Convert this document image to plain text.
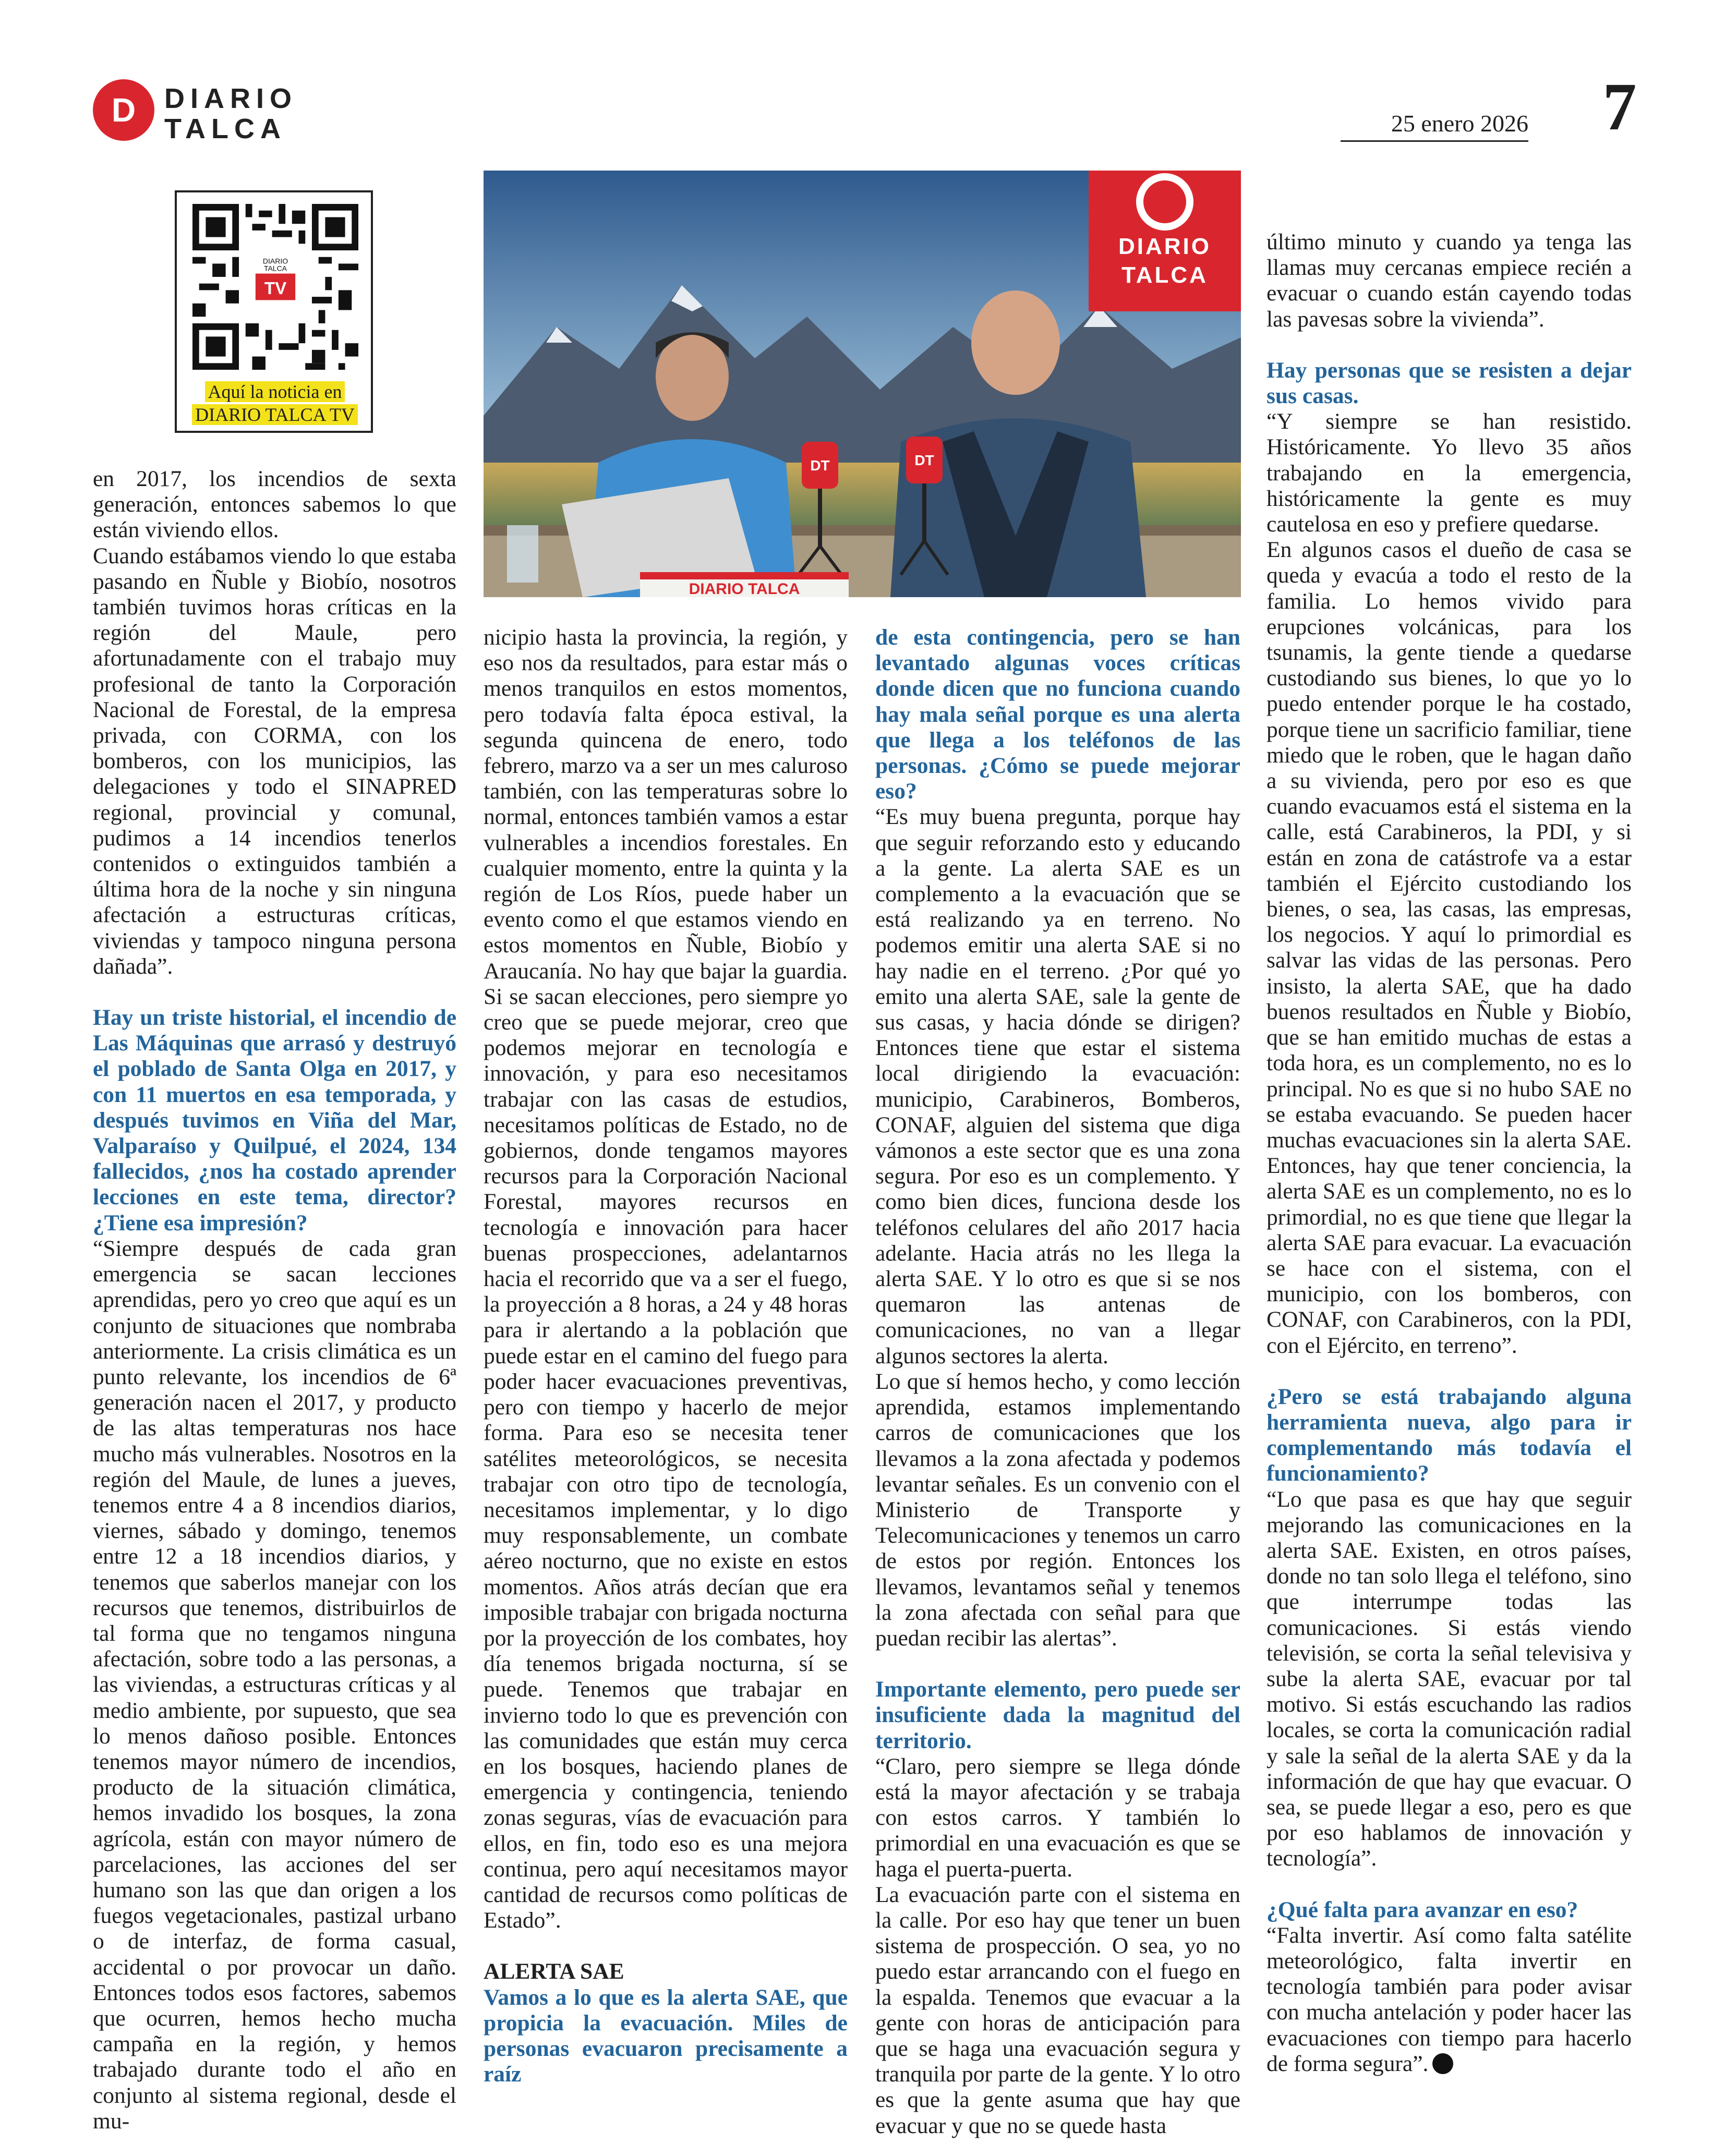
D	DIARIO
TALCA	25 enero 2026 7
TV
DIARIO
TALCA
Aquí la noticia en
DIARIO TALCA TV
DIARIO
TALCA
DT	DT
DIARIO TALCA

en 2017, los incendios de sexta generación, entonces sabemos lo que están viviendo ellos.

Cuando estábamos viendo lo que estaba pasando en Ñuble y Biobío, nosotros también tuvimos horas críticas en la región del Maule, pero afortunadamente con el trabajo muy profesional de tanto la Corporación Nacional de Forestal, de la empresa privada, con CORMA, con los bomberos, con los municipios, las delegaciones y todo el SINAPRED regional, provincial y comunal, pudimos a 14 incendios tenerlos contenidos o extinguidos también a última hora de la noche y sin ninguna afectación a estructuras críticas, viviendas y tampoco ninguna persona dañada”.

Hay un triste historial, el incendio de Las Máquinas que arrasó y destruyó el poblado de Santa Olga en 2017, y con 11 muertos en esa temporada, y después tuvimos en Viña del Mar, Valparaíso y Quilpué, el 2024, 134 fallecidos, ¿nos ha costado aprender lecciones en este tema, director? ¿Tiene esa impresión?

“Siempre después de cada gran emergencia se sacan lecciones aprendidas, pero yo creo que aquí es un conjunto de situaciones que nombraba anteriormente. La crisis climática es un punto relevante, los incendios de 6ª generación nacen el 2017, y producto de las altas temperaturas nos hace mucho más vulnerables. Nosotros en la región del Maule, de lunes a jueves, tenemos entre 4 a 8 incendios diarios, viernes, sábado y domingo, tenemos entre 12 a 18 incendios diarios, y tenemos que saberlos manejar con los recursos que tenemos, distribuirlos de tal forma que no tengamos ninguna afectación, sobre todo a las personas, a las viviendas, a estructuras críticas y al medio ambiente, por supuesto, que sea lo menos dañoso posible. Entonces tenemos mayor número de incendios, producto de la situación climática, hemos invadido los bosques, la zona agrícola, están con mayor número de parcelaciones, las acciones del ser humano son las que dan origen a los fuegos vegetacionales, pastizal urbano o de interfaz, de forma casual, accidental o por provocar un daño. Entonces todos esos factores, sabemos que ocurren, hemos hecho mucha campaña en la región, y hemos trabajado durante todo el año en conjunto al sistema regional, desde el mu-

nicipio hasta la provincia, la región, y eso nos da resultados, para estar más o menos tranquilos en estos momentos, pero todavía falta época estival, la segunda quincena de enero, todo febrero, marzo va a ser un mes caluroso también, con las temperaturas sobre lo normal, entonces también vamos a estar vulnerables a incendios forestales. En cualquier momento, entre la quinta y la región de Los Ríos, puede haber un evento como el que estamos viendo en estos momentos en Ñuble, Biobío y Araucanía. No hay que bajar la guardia. Si se sacan elecciones, pero siempre yo creo que se puede mejorar, creo que podemos mejorar en tecnología e innovación, y para eso necesitamos trabajar con las casas de estudios, necesitamos políticas de Estado, no de gobiernos, donde tengamos mayores recursos para la Corporación Nacional Forestal, mayores recursos en tecnología e innovación para hacer buenas prospecciones, adelantarnos hacia el recorrido que va a ser el fuego, la proyección a 8 horas, a 24 y 48 horas para ir alertando a la población que puede estar en el camino del fuego para poder hacer evacuaciones preventivas, pero con tiempo y hacerlo de mejor forma. Para eso se necesita tener satélites meteorológicos, se necesita trabajar con otro tipo de tecnología, necesitamos implementar, y lo digo muy responsablemente, un combate aéreo nocturno, que no existe en estos momentos. Años atrás decían que era imposible trabajar con brigada nocturna por la proyección de los combates, hoy día tenemos brigada nocturna, sí se puede. Tenemos que trabajar en invierno todo lo que es prevención con las comunidades que están muy cerca en los bosques, haciendo planes de emergencia y contingencia, teniendo zonas seguras, vías de evacuación para ellos, en fin, todo eso es una mejora continua, pero aquí necesitamos mayor cantidad de recursos como políticas de Estado”.

ALERTA SAE

Vamos a lo que es la alerta SAE, que propicia la evacuación. Miles de personas evacuaron precisamente a raíz

de esta contingencia, pero se han levantado algunas voces críticas donde dicen que no funciona cuando hay mala señal porque es una alerta que llega a los teléfonos de las personas. ¿Cómo se puede mejorar eso?

“Es muy buena pregunta, porque hay que seguir reforzando esto y educando a la gente. La alerta SAE es un complemento a la evacuación que se está realizando ya en terreno. No podemos emitir una alerta SAE si no hay nadie en el terreno. ¿Por qué yo emito una alerta SAE, sale la gente de sus casas, y hacia dónde se dirigen? Entonces tiene que estar el sistema local dirigiendo la evacuación: municipio, Carabineros, Bomberos, CONAF, alguien del sistema que diga vámonos a este sector que es una zona segura. Por eso es un complemento. Y como bien dices, funciona desde los teléfonos celulares del año 2017 hacia adelante. Hacia atrás no les llega la alerta SAE. Y lo otro es que si se nos quemaron las antenas de comunicaciones, no van a llegar algunos sectores la alerta.

Lo que sí hemos hecho, y como lección aprendida, estamos implementando carros de comunicaciones que los llevamos a la zona afectada y podemos levantar señales. Es un convenio con el Ministerio de Transporte y Telecomunicaciones y tenemos un carro de estos por región. Entonces los llevamos, levantamos señal y tenemos la zona afectada con señal para que puedan recibir las alertas”.

Importante elemento, pero puede ser insuficiente dada la magnitud del territorio.

“Claro, pero siempre se llega dónde está la mayor afectación y se trabaja con estos carros. Y también lo primordial en una evacuación es que se haga el puerta-puerta.

La evacuación parte con el sistema en la calle. Por eso hay que tener un buen sistema de prospección. O sea, yo no puedo estar arrancando con el fuego en la espalda. Tenemos que evacuar a la gente con horas de anticipación para que se haga una evacuación segura y tranquila por parte de la gente. Y lo otro es que la gente asuma que hay que evacuar y que no se quede hasta

último minuto y cuando ya tenga las llamas muy cercanas empiece recién a evacuar o cuando están cayendo todas las pavesas sobre la vivienda”.

Hay personas que se resisten a dejar sus casas.

“Y siempre se han resistido. Históricamente. Yo llevo 35 años trabajando en la emergencia, históricamente la gente es muy cautelosa en eso y prefiere quedarse.

En algunos casos el dueño de casa se queda y evacúa a todo el resto de la familia. Lo hemos vivido para erupciones volcánicas, para los tsunamis, la gente tiende a quedarse custodiando sus bienes, lo que yo lo puedo entender porque le ha costado, porque tiene un sacrificio familiar, tiene miedo que le roben, que le hagan daño a su vivienda, pero por eso es que cuando evacuamos está el sistema en la calle, está Carabineros, la PDI, y si están en zona de catástrofe va a estar también el Ejército custodiando los bienes, o sea, las casas, las empresas, los negocios. Y aquí lo primordial es salvar las vidas de las personas. Pero insisto, la alerta SAE, que ha dado buenos resultados en Ñuble y Biobío, que se han emitido muchas de estas a toda hora, es un complemento, no es lo principal. No es que si no hubo SAE no se estaba evacuando. Se pueden hacer muchas evacuaciones sin la alerta SAE. Entonces, hay que tener conciencia, la alerta SAE es un complemento, no es lo primordial, no es que tiene que llegar la alerta SAE para evacuar. La evacuación se hace con el sistema, con el municipio, con los bomberos, con CONAF, con Carabineros, con la PDI, con el Ejército, en terreno”.

¿Pero se está trabajando alguna herramienta nueva, algo para ir complementando más todavía el funcionamiento?

“Lo que pasa es que hay que seguir mejorando las comunicaciones en la alerta SAE. Existen, en otros países, donde no tan solo llega el teléfono, sino que interrumpe todas las comunicaciones. Si estás viendo televisión, se corta la señal televisiva y sube la alerta SAE, evacuar por tal motivo. Si estás escuchando las radios locales, se corta la comunicación radial y sale la señal de la alerta SAE y da la información de que hay que evacuar. O sea, se puede llegar a eso, pero es que por eso hablamos de innovación y tecnología”.

¿Qué falta para avanzar en eso?

“Falta invertir. Así como falta satélite meteorológico, falta invertir en tecnología también para poder avisar con mucha antelación y poder hacer las evacuaciones con tiempo para hacerlo de forma segura”.
